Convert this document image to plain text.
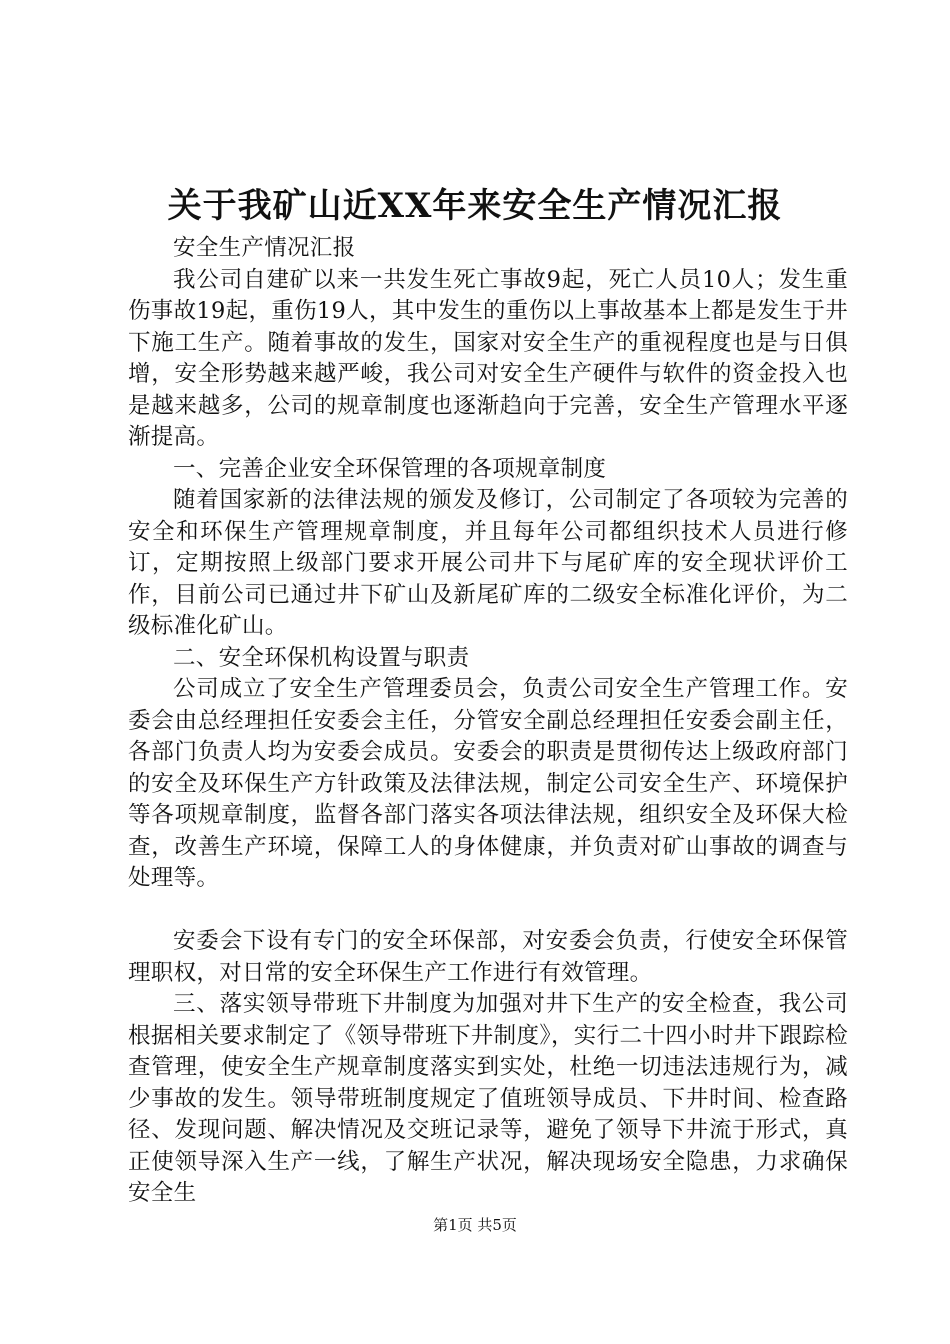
关于我矿山近XX年来安全生产情况汇报

安全生产情况汇报

我公司自建矿以来一共发生死亡事故9起，死亡人员10人；发生重伤事故19起，重伤19人，其中发生的重伤以上事故基本上都是发生于井下施工生产。随着事故的发生，国家对安全生产的重视程度也是与日俱增，安全形势越来越严峻，我公司对安全生产硬件与软件的资金投入也是越来越多，公司的规章制度也逐渐趋向于完善，安全生产管理水平逐渐提高。

一、完善企业安全环保管理的各项规章制度

随着国家新的法律法规的颁发及修订，公司制定了各项较为完善的安全和环保生产管理规章制度，并且每年公司都组织技术人员进行修订，定期按照上级部门要求开展公司井下与尾矿库的安全现状评价工作，目前公司已通过井下矿山及新尾矿库的二级安全标准化评价，为二级标准化矿山。

二、安全环保机构设置与职责

公司成立了安全生产管理委员会，负责公司安全生产管理工作。安委会由总经理担任安委会主任，分管安全副总经理担任安委会副主任，各部门负责人均为安委会成员。安委会的职责是贯彻传达上级政府部门的安全及环保生产方针政策及法律法规，制定公司安全生产、环境保护等各项规章制度，监督各部门落实各项法律法规，组织安全及环保大检查，改善生产环境，保障工人的身体健康，并负责对矿山事故的调查与处理等。

安委会下设有专门的安全环保部，对安委会负责，行使安全环保管理职权，对日常的安全环保生产工作进行有效管理。

三、落实领导带班下井制度为加强对井下生产的安全检查，我公司根据相关要求制定了《领导带班下井制度》，实行二十四小时井下跟踪检查管理，使安全生产规章制度落实到实处，杜绝一切违法违规行为，减少事故的发生。领导带班制度规定了值班领导成员、下井时间、检查路径、发现问题、解决情况及交班记录等，避免了领导下井流于形式，真正使领导深入生产一线，了解生产状况，解决现场安全隐患，力求确保安全生

第1页 共5页
